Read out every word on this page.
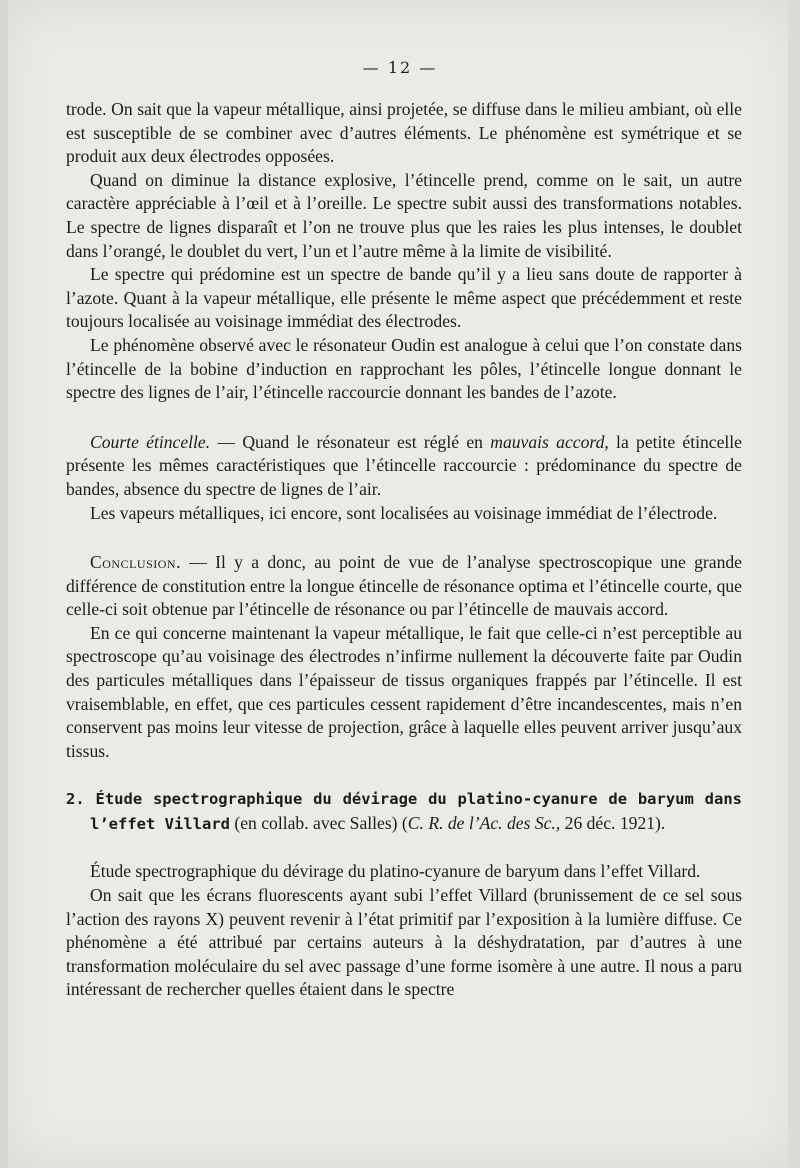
— 12 —

trode. On sait que la vapeur métallique, ainsi projetée, se diffuse dans le milieu ambiant, où elle est susceptible de se combiner avec d’autres éléments. Le phénomène est symétrique et se produit aux deux électrodes opposées.

Quand on diminue la distance explosive, l’étincelle prend, comme on le sait, un autre caractère appréciable à l’œil et à l’oreille. Le spectre subit aussi des transformations notables. Le spectre de lignes disparaît et l’on ne trouve plus que les raies les plus intenses, le doublet dans l’orangé, le doublet du vert, l’un et l’autre même à la limite de visibilité.

Le spectre qui prédomine est un spectre de bande qu’il y a lieu sans doute de rapporter à l’azote. Quant à la vapeur métallique, elle présente le même aspect que précédemment et reste toujours localisée au voisinage immédiat des électrodes.

Le phénomène observé avec le résonateur Oudin est analogue à celui que l’on constate dans l’étincelle de la bobine d’induction en rapprochant les pôles, l’étincelle longue donnant le spectre des lignes de l’air, l’étincelle raccourcie donnant les bandes de l’azote.

Courte étincelle. — Quand le résonateur est réglé en mauvais accord, la petite étincelle présente les mêmes caractéristiques que l’étincelle raccourcie : prédominance du spectre de bandes, absence du spectre de lignes de l’air.

Les vapeurs métalliques, ici encore, sont localisées au voisinage immédiat de l’électrode.

Conclusion. — Il y a donc, au point de vue de l’analyse spectroscopique une grande différence de constitution entre la longue étincelle de résonance optima et l’étincelle courte, que celle-ci soit obtenue par l’étincelle de résonance ou par l’étincelle de mauvais accord.

En ce qui concerne maintenant la vapeur métallique, le fait que celle-ci n’est perceptible au spectroscope qu’au voisinage des électrodes n’infirme nullement la découverte faite par Oudin des particules métalliques dans l’épaisseur de tissus organiques frappés par l’étincelle. Il est vraisemblable, en effet, que ces particules cessent rapidement d’être incandescentes, mais n’en conservent pas moins leur vitesse de projection, grâce à laquelle elles peuvent arriver jusqu’aux tissus.

2. Étude spectrographique du dévirage du platino-cyanure de baryum dans l’effet Villard (en collab. avec Salles) (C. R. de l’Ac. des Sc., 26 déc. 1921).

Étude spectrographique du dévirage du platino-cyanure de baryum dans l’effet Villard.

On sait que les écrans fluorescents ayant subi l’effet Villard (brunissement de ce sel sous l’action des rayons X) peuvent revenir à l’état primitif par l’exposition à la lumière diffuse. Ce phénomène a été attribué par certains auteurs à la déshydratation, par d’autres à une transformation moléculaire du sel avec passage d’une forme isomère à une autre. Il nous a paru intéressant de rechercher quelles étaient dans le spectre
